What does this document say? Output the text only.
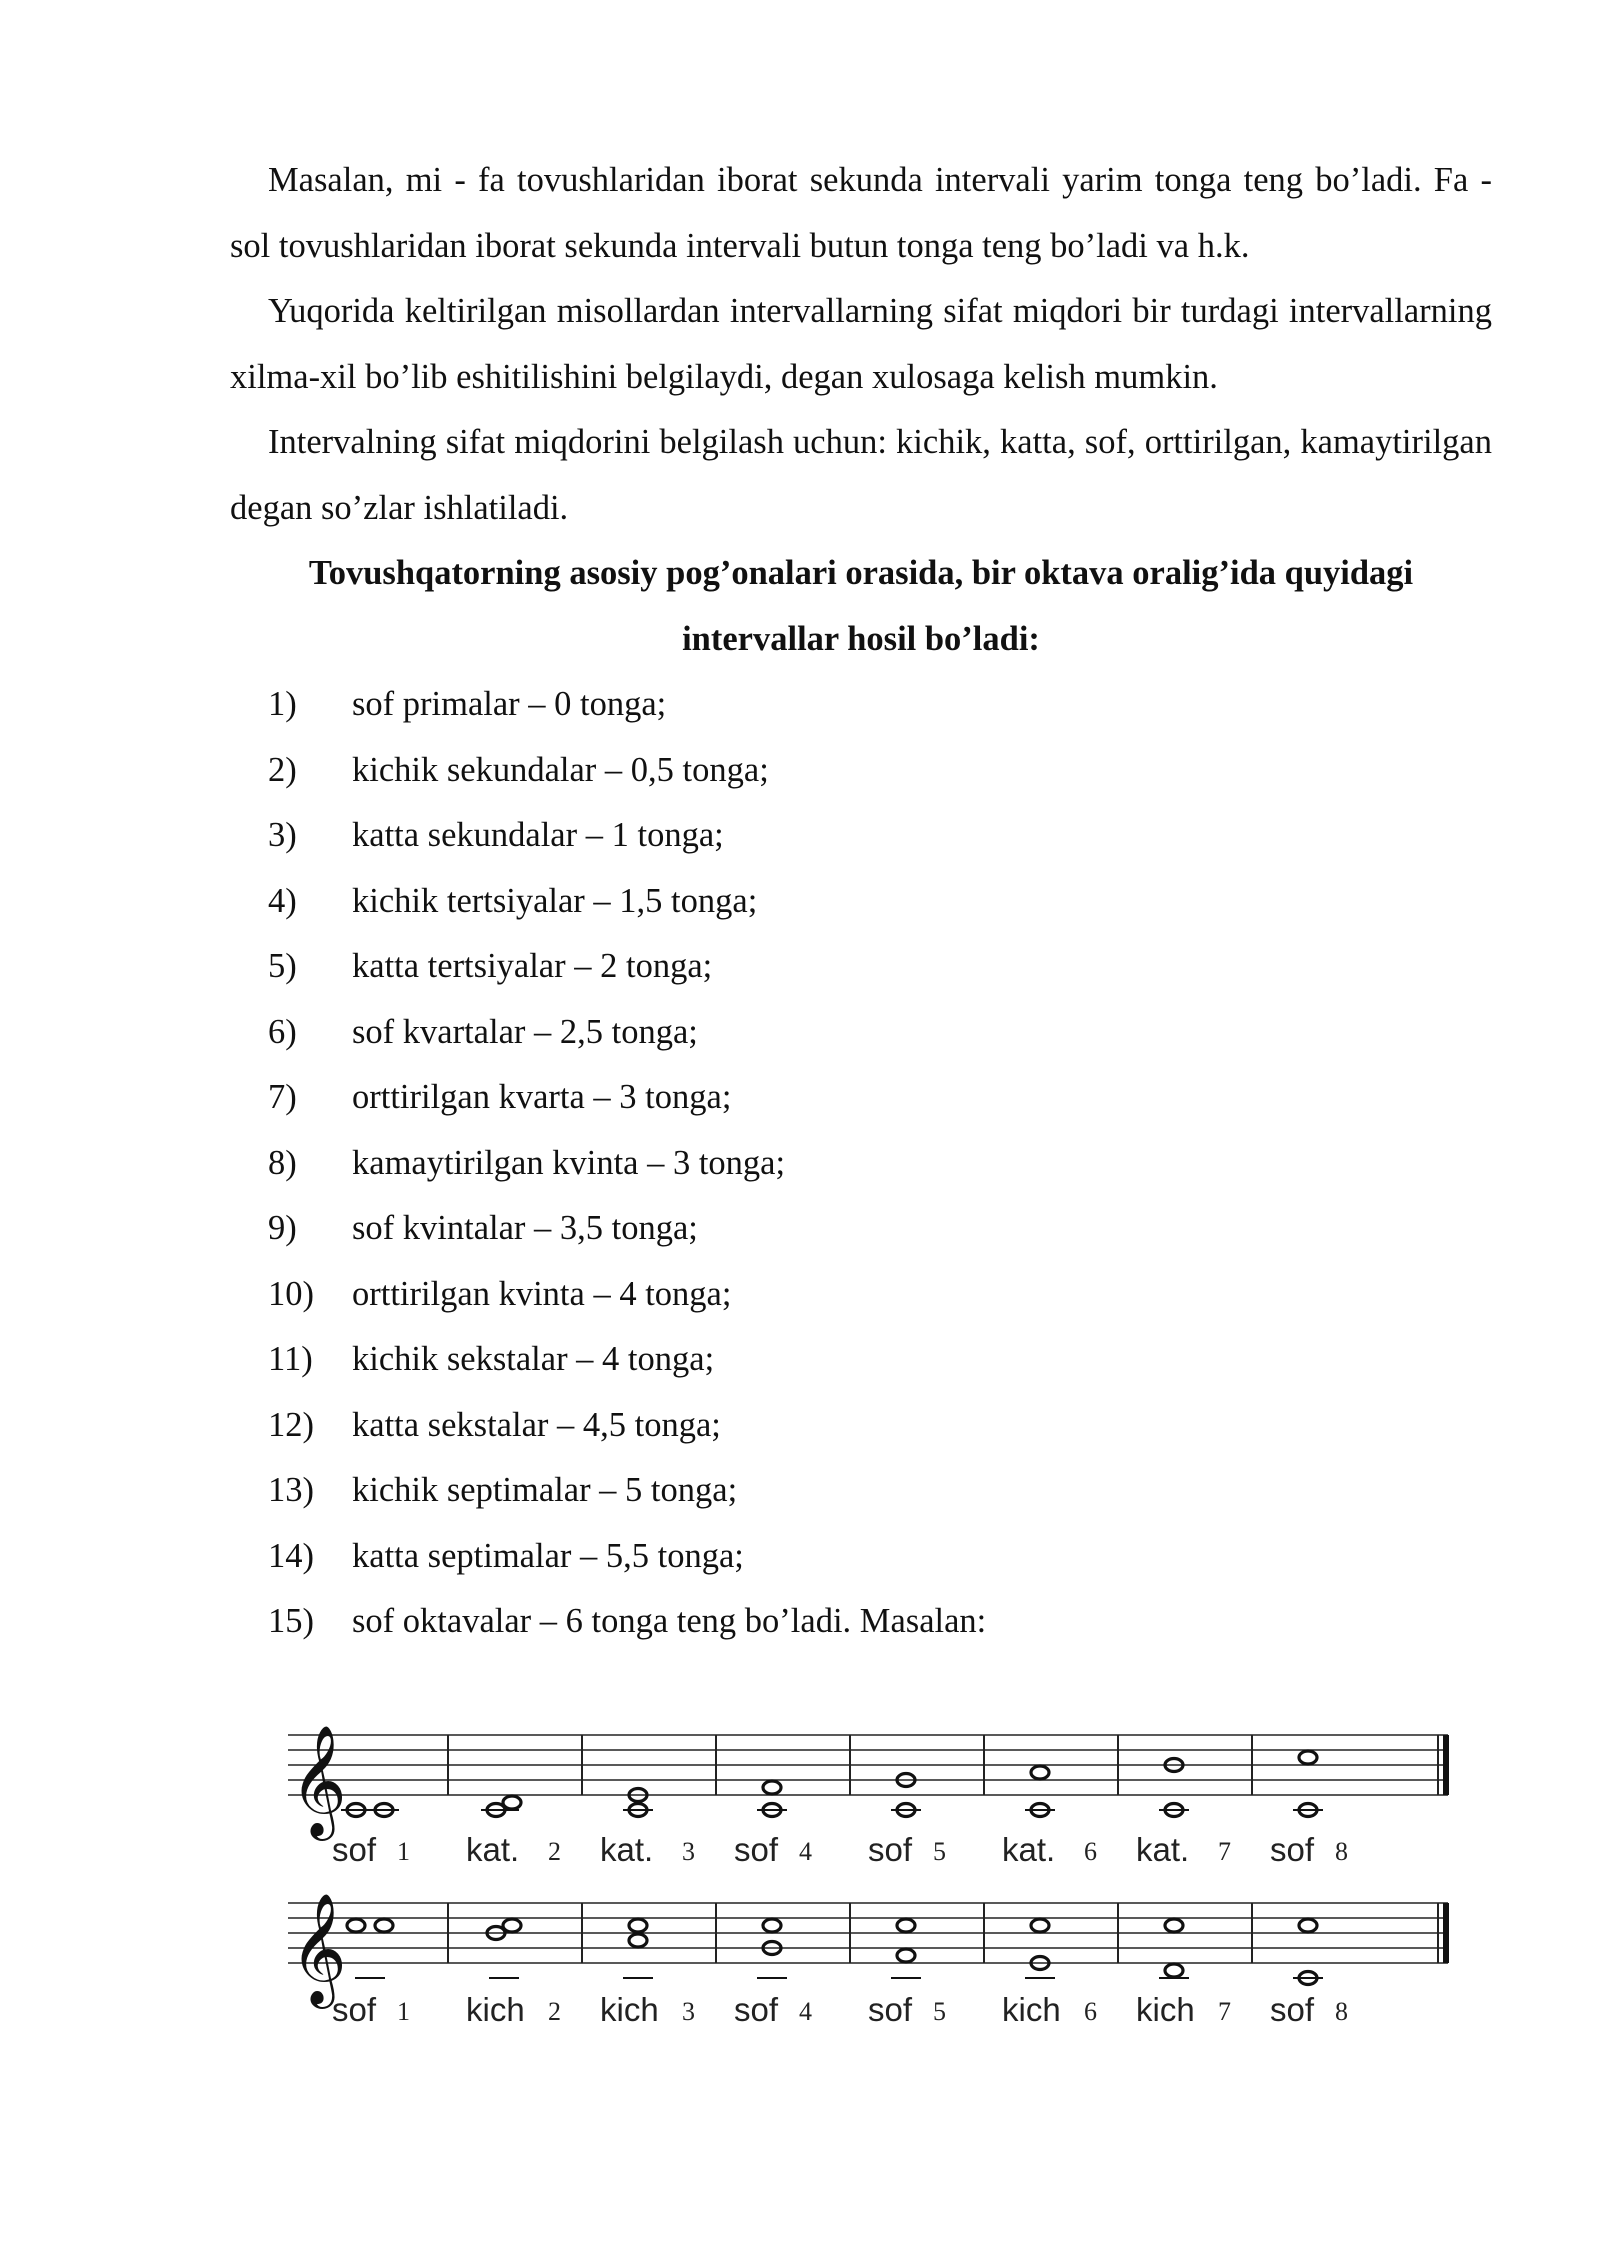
Masalan, mi - fa tovushlaridan iborat sekunda intervali yarim tonga teng bo’ladi. Fa - sol tovushlaridan iborat sekunda intervali butun tonga teng bo’ladi va h.k.

Yuqorida keltirilgan misollardan intervallarning sifat miqdori bir turdagi intervallarning xilma-xil bo’lib eshitilishini belgilaydi, degan xulosaga kelish mumkin.

Intervalning sifat miqdorini belgilash uchun: kichik, katta, sof, orttirilgan, kamaytirilgan degan so’zlar ishlatiladi.

Tovushqatorning asosiy pog’onalari orasida, bir oktava oralig’ida quyidagi intervallar hosil bo’ladi:

1)	sof primalar – 0 tonga;
2)	kichik sekundalar – 0,5 tonga;
3)	katta sekundalar – 1 tonga;
4)	kichik tertsiyalar – 1,5 tonga;
5)	katta tertsiyalar – 2 tonga;
6)	sof kvartalar – 2,5 tonga;
7)	orttirilgan kvarta – 3 tonga;
8)	kamaytirilgan kvinta – 3 tonga;
9)	sof kvintalar – 3,5 tonga;
10)	orttirilgan kvinta – 4 tonga;
11)	kichik sekstalar – 4 tonga;
12)	katta sekstalar – 4,5 tonga;
13)	kichik septimalar – 5 tonga;
14)	katta septimalar – 5,5 tonga;
15)	sof oktavalar – 6 tonga teng bo’ladi. Masalan:
𝄞
sof 1 kat. 2 kat. 3 sof 4 sof 5 kat. 6 kat. 7 sof 8
𝄞
sof 1 kich 2 kich 3 sof 4 sof 5 kich 6 kich 7 sof 8
